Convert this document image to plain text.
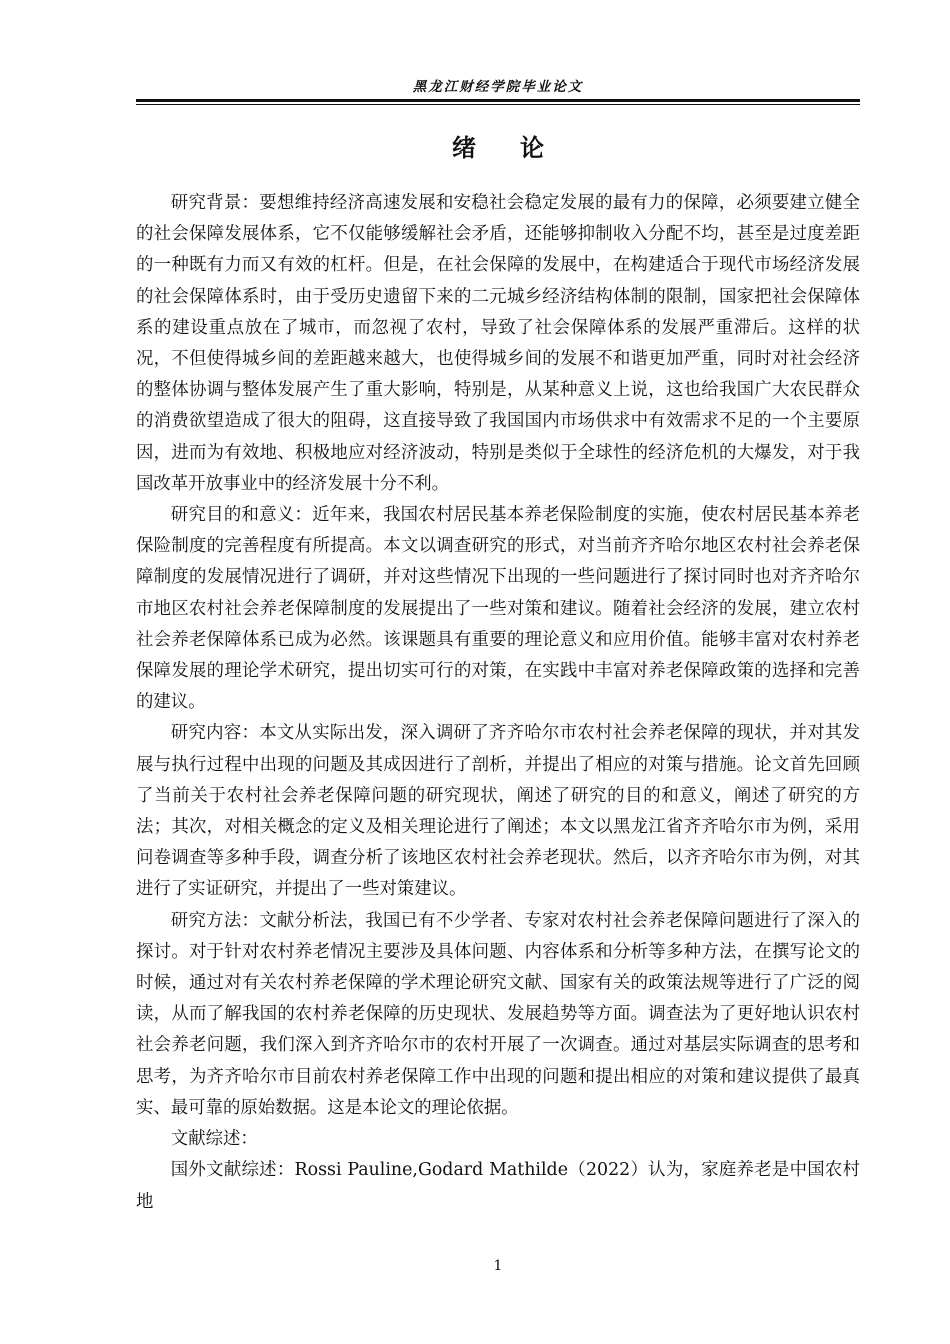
黑龙江财经学院毕业论文
绪论

研究背景：要想维持经济高速发展和安稳社会稳定发展的最有力的保障，必须要建立健全的社会保障发展体系，它不仅能够缓解社会矛盾，还能够抑制收入分配不均，甚至是过度差距的一种既有力而又有效的杠杆。但是，在社会保障的发展中，在构建适合于现代市场经济发展的社会保障体系时，由于受历史遗留下来的二元城乡经济结构体制的限制，国家把社会保障体系的建设重点放在了城市，而忽视了农村，导致了社会保障体系的发展严重滞后。这样的状况，不但使得城乡间的差距越来越大，也使得城乡间的发展不和谐更加严重，同时对社会经济的整体协调与整体发展产生了重大影响，特别是，从某种意义上说，这也给我国广大农民群众的消费欲望造成了很大的阻碍，这直接导致了我国国内市场供求中有效需求不足的一个主要原因，进而为有效地、积极地应对经济波动，特别是类似于全球性的经济危机的大爆发，对于我国改革开放事业中的经济发展十分不利。

研究目的和意义：近年来，我国农村居民基本养老保险制度的实施，使农村居民基本养老保险制度的完善程度有所提高。本文以调查研究的形式，对当前齐齐哈尔地区农村社会养老保障制度的发展情况进行了调研，并对这些情况下出现的一些问题进行了探讨同时也对齐齐哈尔市地区农村社会养老保障制度的发展提出了一些对策和建议。随着社会经济的发展，建立农村社会养老保障体系已成为必然。该课题具有重要的理论意义和应用价值。能够丰富对农村养老保障发展的理论学术研究，提出切实可行的对策，在实践中丰富对养老保障政策的选择和完善的建议。

研究内容：本文从实际出发，深入调研了齐齐哈尔市农村社会养老保障的现状，并对其发展与执行过程中出现的问题及其成因进行了剖析，并提出了相应的对策与措施。论文首先回顾了当前关于农村社会养老保障问题的研究现状，阐述了研究的目的和意义，阐述了研究的方法；其次，对相关概念的定义及相关理论进行了阐述；本文以黑龙江省齐齐哈尔市为例，采用问卷调查等多种手段，调查分析了该地区农村社会养老现状。然后，以齐齐哈尔市为例，对其进行了实证研究，并提出了一些对策建议。

研究方法：文献分析法，我国已有不少学者、专家对农村社会养老保障问题进行了深入的探讨。对于针对农村养老情况主要涉及具体问题、内容体系和分析等多种方法，在撰写论文的时候，通过对有关农村养老保障的学术理论研究文献、国家有关的政策法规等进行了广泛的阅读，从而了解我国的农村养老保障的历史现状、发展趋势等方面。调查法为了更好地认识农村社会养老问题，我们深入到齐齐哈尔市的农村开展了一次调查。通过对基层实际调查的思考和思考，为齐齐哈尔市目前农村养老保障工作中出现的问题和提出相应的对策和建议提供了最真实、最可靠的原始数据。这是本论文的理论依据。

文献综述：

国外文献综述：Rossi Pauline,Godard Mathilde（2022）认为，家庭养老是中国农村地

1
